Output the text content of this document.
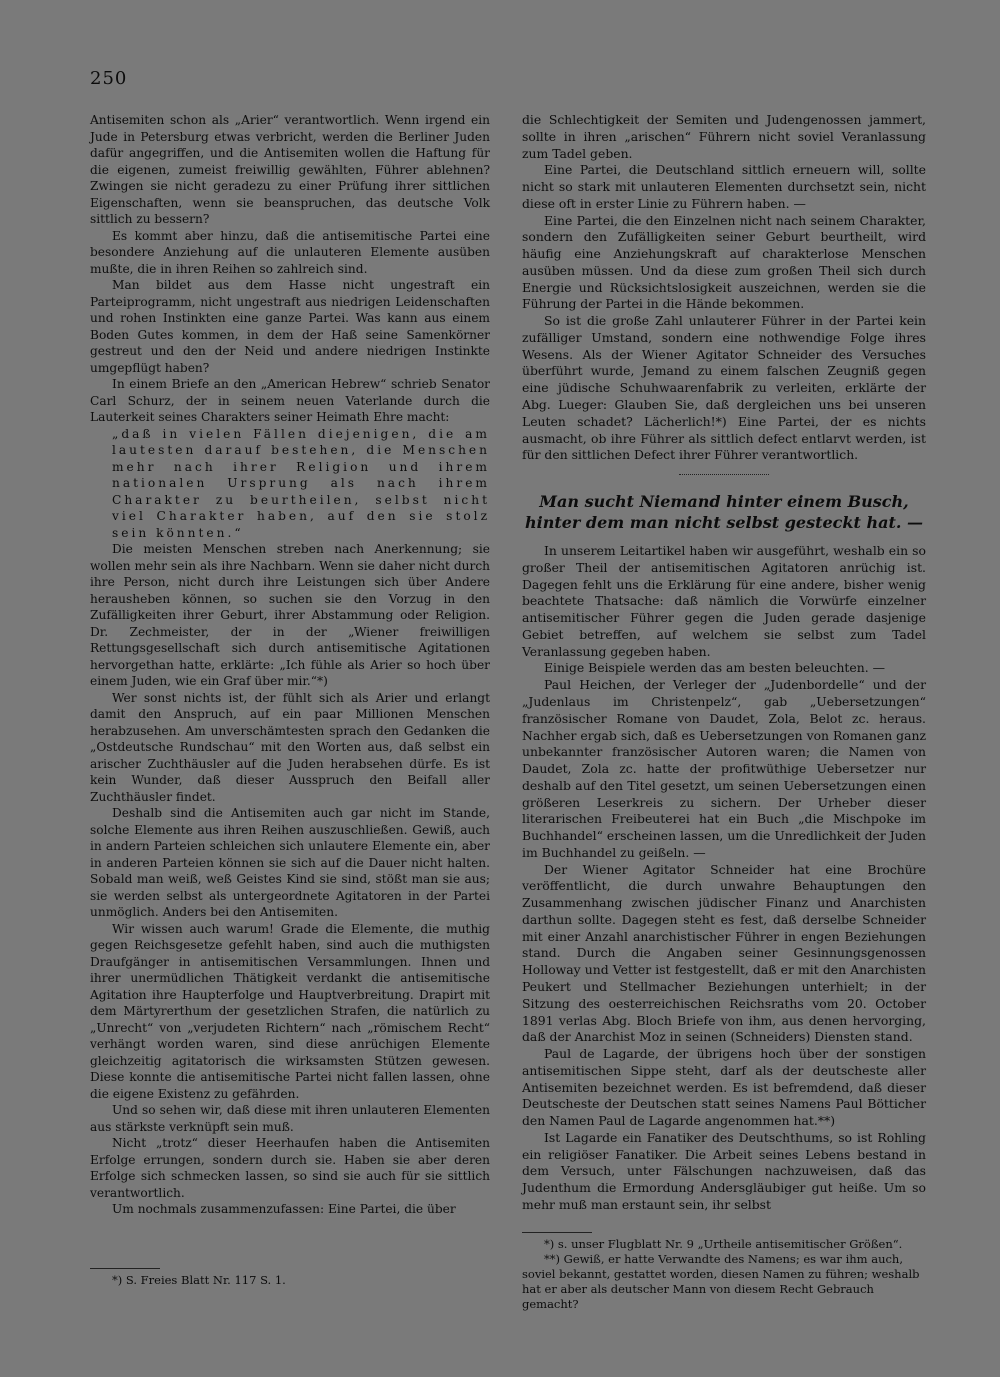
250

Antisemiten schon als „Arier“ verantwortlich. Wenn irgend ein Jude in Petersburg etwas verbricht, werden die Berliner Juden dafür angegriffen, und die Antisemiten wollen die Haftung für die eigenen, zumeist freiwillig gewählten, Führer ablehnen? Zwingen sie nicht geradezu zu einer Prüfung ihrer sittlichen Eigenschaften, wenn sie beanspruchen, das deutsche Volk sittlich zu bessern?

Es kommt aber hinzu, daß die antisemitische Partei eine besondere Anziehung auf die unlauteren Elemente ausüben mußte, die in ihren Reihen so zahlreich sind.

Man bildet aus dem Hasse nicht ungestraft ein Parteiprogramm, nicht ungestraft aus niedrigen Leidenschaften und rohen Instinkten eine ganze Partei. Was kann aus einem Boden Gutes kommen, in dem der Haß seine Samenkörner gestreut und den der Neid und andere niedrigen Instinkte umgepflügt haben?

In einem Briefe an den „American Hebrew“ schrieb Senator Carl Schurz, der in seinem neuen Vaterlande durch die Lauterkeit seines Charakters seiner Heimath Ehre macht:

„daß in vielen Fällen diejenigen, die am lautesten darauf bestehen, die Menschen mehr nach ihrer Religion und ihrem nationalen Ursprung als nach ihrem Charakter zu beurtheilen, selbst nicht viel Charakter haben, auf den sie stolz sein könnten.“

Die meisten Menschen streben nach Anerkennung; sie wollen mehr sein als ihre Nachbarn. Wenn sie daher nicht durch ihre Person, nicht durch ihre Leistungen sich über Andere herausheben können, so suchen sie den Vorzug in den Zufälligkeiten ihrer Geburt, ihrer Abstammung oder Religion. Dr. Zechmeister, der in der „Wiener freiwilligen Rettungsgesellschaft sich durch antisemitische Agitationen hervorgethan hatte, erklärte: „Ich fühle als Arier so hoch über einem Juden, wie ein Graf über mir.“*)

Wer sonst nichts ist, der fühlt sich als Arier und erlangt damit den Anspruch, auf ein paar Millionen Menschen herabzusehen. Am unverschämtesten sprach den Gedanken die „Ostdeutsche Rundschau“ mit den Worten aus, daß selbst ein arischer Zuchthäusler auf die Juden herabsehen dürfe. Es ist kein Wunder, daß dieser Ausspruch den Beifall aller Zuchthäusler findet.

Deshalb sind die Antisemiten auch gar nicht im Stande, solche Elemente aus ihren Reihen auszuschließen. Gewiß, auch in andern Parteien schleichen sich unlautere Elemente ein, aber in anderen Parteien können sie sich auf die Dauer nicht halten. Sobald man weiß, weß Geistes Kind sie sind, stößt man sie aus; sie werden selbst als untergeordnete Agitatoren in der Partei unmöglich. Anders bei den Antisemiten.

Wir wissen auch warum! Grade die Elemente, die muthig gegen Reichsgesetze gefehlt haben, sind auch die muthigsten Draufgänger in antisemitischen Versammlungen. Ihnen und ihrer unermüdlichen Thätigkeit verdankt die antisemitische Agitation ihre Haupterfolge und Hauptverbreitung. Drapirt mit dem Märtyrerthum der gesetzlichen Strafen, die natürlich zu „Unrecht“ von „verjudeten Richtern“ nach „römischem Recht“ verhängt worden waren, sind diese anrüchigen Elemente gleichzeitig agitatorisch die wirksamsten Stützen gewesen. Diese konnte die antisemitische Partei nicht fallen lassen, ohne die eigene Existenz zu gefährden.

Und so sehen wir, daß diese mit ihren unlauteren Elementen aus stärkste verknüpft sein muß.

Nicht „trotz“ dieser Heerhaufen haben die Antisemiten Erfolge errungen, sondern durch sie. Haben sie aber deren Erfolge sich schmecken lassen, so sind sie auch für sie sittlich verantwortlich.

Um nochmals zusammenzufassen: Eine Partei, die über

*) S. Freies Blatt Nr. 117 S. 1.

die Schlechtigkeit der Semiten und Judengenossen jammert, sollte in ihren „arischen“ Führern nicht soviel Veranlassung zum Tadel geben.

Eine Partei, die Deutschland sittlich erneuern will, sollte nicht so stark mit unlauteren Elementen durchsetzt sein, nicht diese oft in erster Linie zu Führern haben. —

Eine Partei, die den Einzelnen nicht nach seinem Charakter, sondern den Zufälligkeiten seiner Geburt beurtheilt, wird häufig eine Anziehungskraft auf charakterlose Menschen ausüben müssen. Und da diese zum großen Theil sich durch Energie und Rücksichtslosigkeit auszeichnen, werden sie die Führung der Partei in die Hände bekommen.

So ist die große Zahl unlauterer Führer in der Partei kein zufälliger Umstand, sondern eine nothwendige Folge ihres Wesens. Als der Wiener Agitator Schneider des Versuches überführt wurde, Jemand zu einem falschen Zeugniß gegen eine jüdische Schuhwaarenfabrik zu verleiten, erklärte der Abg. Lueger: Glauben Sie, daß dergleichen uns bei unseren Leuten schadet? Lächerlich!*) Eine Partei, der es nichts ausmacht, ob ihre Führer als sittlich defect entlarvt werden, ist für den sittlichen Defect ihrer Führer verantwortlich.

Man sucht Niemand hinter einem Busch, hinter dem man nicht selbst gesteckt hat. —

In unserem Leitartikel haben wir ausgeführt, weshalb ein so großer Theil der antisemitischen Agitatoren anrüchig ist. Dagegen fehlt uns die Erklärung für eine andere, bisher wenig beachtete Thatsache: daß nämlich die Vorwürfe einzelner antisemitischer Führer gegen die Juden gerade dasjenige Gebiet betreffen, auf welchem sie selbst zum Tadel Veranlassung gegeben haben.

Einige Beispiele werden das am besten beleuchten. —

Paul Heichen, der Verleger der „Judenbordelle“ und der „Judenlaus im Christenpelz“, gab „Uebersetzungen“ französischer Romane von Daudet, Zola, Belot zc. heraus. Nachher ergab sich, daß es Uebersetzungen von Romanen ganz unbekannter französischer Autoren waren; die Namen von Daudet, Zola zc. hatte der profitwüthige Uebersetzer nur deshalb auf den Titel gesetzt, um seinen Uebersetzungen einen größeren Leserkreis zu sichern. Der Urheber dieser literarischen Freibeuterei hat ein Buch „die Mischpoke im Buchhandel“ erscheinen lassen, um die Unredlichkeit der Juden im Buchhandel zu geißeln. —

Der Wiener Agitator Schneider hat eine Brochüre veröffentlicht, die durch unwahre Behauptungen den Zusammenhang zwischen jüdischer Finanz und Anarchisten darthun sollte. Dagegen steht es fest, daß derselbe Schneider mit einer Anzahl anarchistischer Führer in engen Beziehungen stand. Durch die Angaben seiner Gesinnungsgenossen Holloway und Vetter ist festgestellt, daß er mit den Anarchisten Peukert und Stellmacher Beziehungen unterhielt; in der Sitzung des oesterreichischen Reichsraths vom 20. October 1891 verlas Abg. Bloch Briefe von ihm, aus denen hervorging, daß der Anarchist Moz in seinen (Schneiders) Diensten stand.

Paul de Lagarde, der übrigens hoch über der sonstigen antisemitischen Sippe steht, darf als der deutscheste aller Antisemiten bezeichnet werden. Es ist befremdend, daß dieser Deutscheste der Deutschen statt seines Namens Paul Bötticher den Namen Paul de Lagarde angenommen hat.**)

Ist Lagarde ein Fanatiker des Deutschthums, so ist Rohling ein religiöser Fanatiker. Die Arbeit seines Lebens bestand in dem Versuch, unter Fälschungen nachzuweisen, daß das Judenthum die Ermordung Andersgläubiger gut heiße. Um so mehr muß man erstaunt sein, ihr selbst

*) s. unser Flugblatt Nr. 9 „Urtheile antisemitischer Größen“.

**) Gewiß, er hatte Verwandte des Namens; es war ihm auch, soviel bekannt, gestattet worden, diesen Namen zu führen; weshalb hat er aber als deutscher Mann von diesem Recht Gebrauch gemacht?
